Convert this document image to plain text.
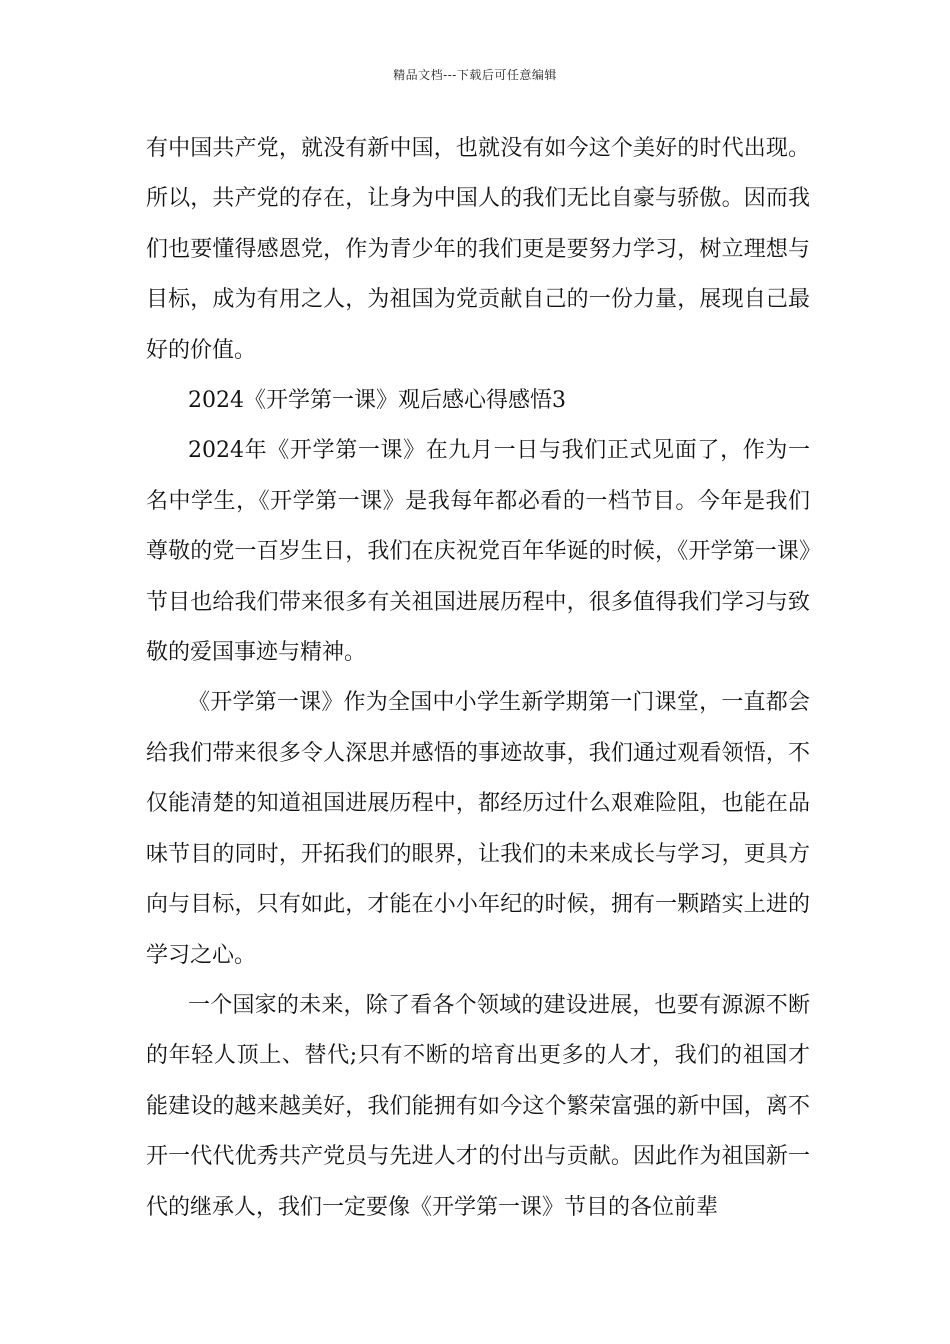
精品文档---下载后可任意编辑

有中国共产党，就没有新中国，也就没有如今这个美好的时代出现。所以，共产党的存在，让身为中国人的我们无比自豪与骄傲。因而我们也要懂得感恩党，作为青少年的我们更是要努力学习，树立理想与目标，成为有用之人，为祖国为党贡献自己的一份力量，展现自己最好的价值。

2024《开学第一课》观后感心得感悟3

2024年《开学第一课》在九月一日与我们正式见面了，作为一名中学生，《开学第一课》是我每年都必看的一档节目。今年是我们尊敬的党一百岁生日，我们在庆祝党百年华诞的时候，《开学第一课》节目也给我们带来很多有关祖国进展历程中，很多值得我们学习与致敬的爱国事迹与精神。

《开学第一课》作为全国中小学生新学期第一门课堂，一直都会给我们带来很多令人深思并感悟的事迹故事，我们通过观看领悟，不仅能清楚的知道祖国进展历程中，都经历过什么艰难险阻，也能在品味节目的同时，开拓我们的眼界，让我们的未来成长与学习，更具方向与目标，只有如此，才能在小小年纪的时候，拥有一颗踏实上进的学习之心。

一个国家的未来，除了看各个领域的建设进展，也要有源源不断的年轻人顶上、替代;只有不断的培育出更多的人才，我们的祖国才能建设的越来越美好，我们能拥有如今这个繁荣富强的新中国，离不开一代代优秀共产党员与先进人才的付出与贡献。因此作为祖国新一代的继承人，我们一定要像《开学第一课》节目的各位前辈
